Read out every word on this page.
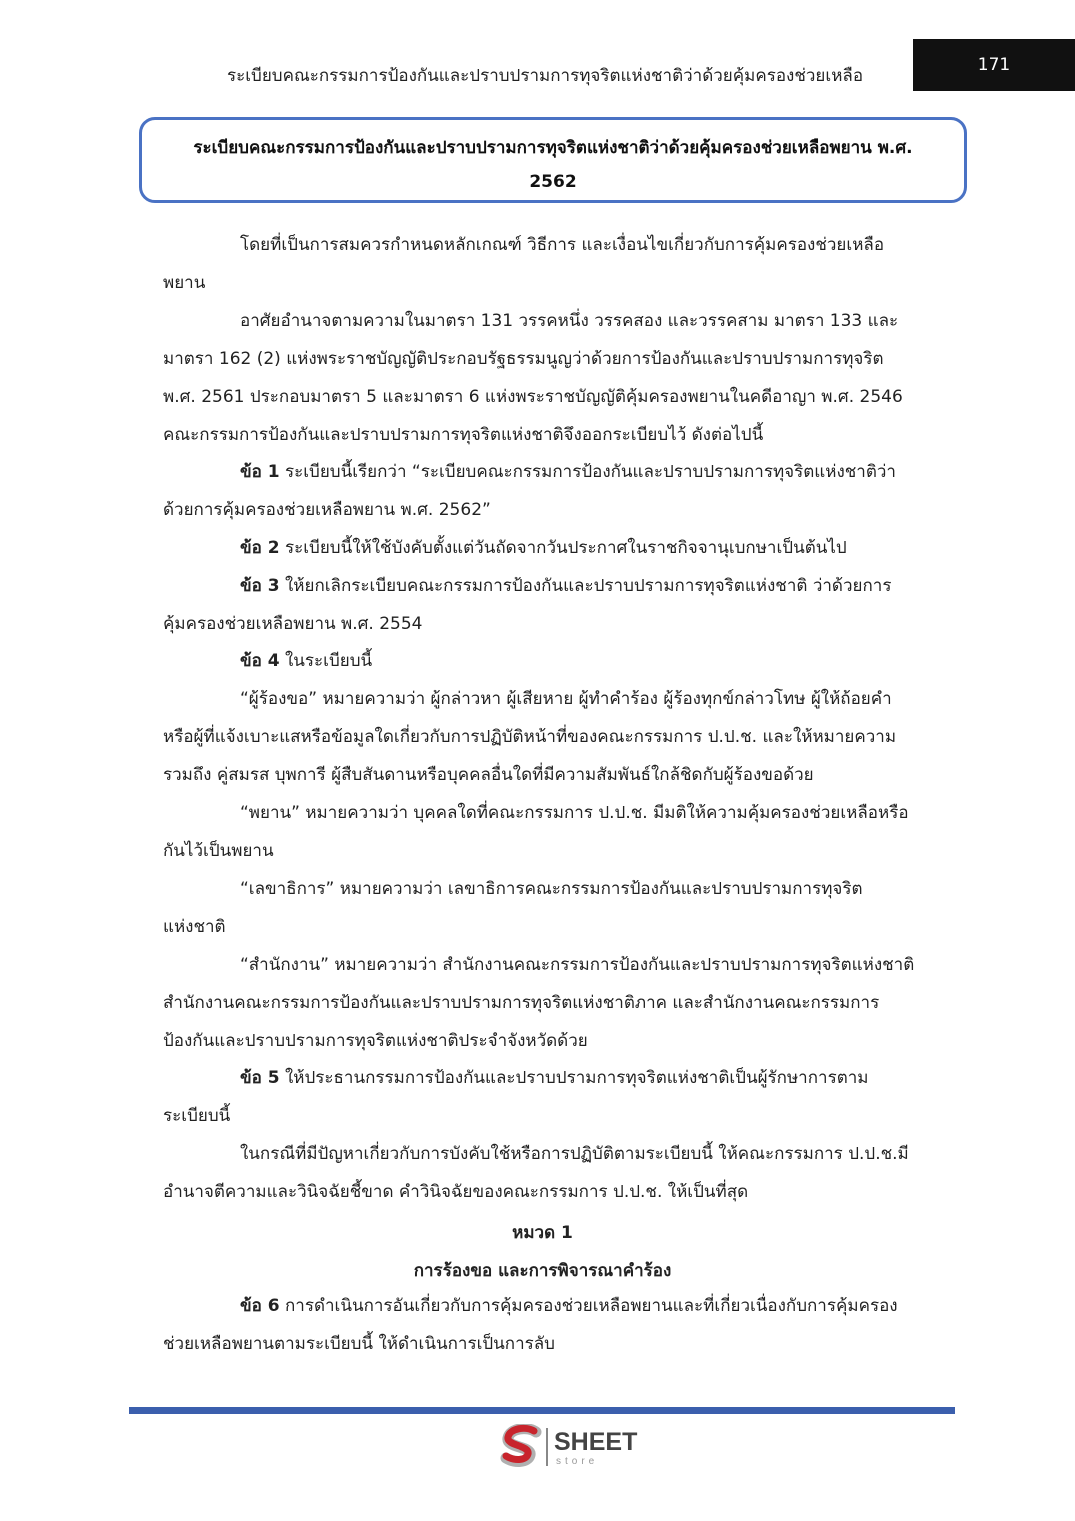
ระเบียบคณะกรรมการป้องกันและปราบปรามการทุจริตแห่งชาติว่าด้วยคุ้มครองช่วยเหลือ
171
ระเบียบคณะกรรมการป้องกันและปราบปรามการทุจริตแห่งชาติว่าด้วยคุ้มครองช่วยเหลือพยาน พ.ศ.
2562
โดยที่เป็นการสมควรกำหนดหลักเกณฑ์ วิธีการ และเงื่อนไขเกี่ยวกับการคุ้มครองช่วยเหลือ
พยาน
อาศัยอำนาจตามความในมาตรา 131 วรรคหนึ่ง วรรคสอง และวรรคสาม มาตรา 133 และ
มาตรา 162 (2) แห่งพระราชบัญญัติประกอบรัฐธรรมนูญว่าด้วยการป้องกันและปราบปรามการทุจริต
พ.ศ. 2561 ประกอบมาตรา 5 และมาตรา 6 แห่งพระราชบัญญัติคุ้มครองพยานในคดีอาญา พ.ศ. 2546
คณะกรรมการป้องกันและปราบปรามการทุจริตแห่งชาติจึงออกระเบียบไว้ ดังต่อไปนี้
ข้อ 1 ระเบียบนี้เรียกว่า “ระเบียบคณะกรรมการป้องกันและปราบปรามการทุจริตแห่งชาติว่า
ด้วยการคุ้มครองช่วยเหลือพยาน พ.ศ. 2562”
ข้อ 2 ระเบียบนี้ให้ใช้บังคับตั้งแต่วันถัดจากวันประกาศในราชกิจจานุเบกษาเป็นต้นไป
ข้อ 3 ให้ยกเลิกระเบียบคณะกรรมการป้องกันและปราบปรามการทุจริตแห่งชาติ ว่าด้วยการ
คุ้มครองช่วยเหลือพยาน พ.ศ. 2554
ข้อ 4 ในระเบียบนี้
“ผู้ร้องขอ” หมายความว่า ผู้กล่าวหา ผู้เสียหาย ผู้ทำคำร้อง ผู้ร้องทุกข์กล่าวโทษ ผู้ให้ถ้อยคำ
หรือผู้ที่แจ้งเบาะแสหรือข้อมูลใดเกี่ยวกับการปฏิบัติหน้าที่ของคณะกรรมการ ป.ป.ช. และให้หมายความ
รวมถึง คู่สมรส บุพการี ผู้สืบสันดานหรือบุคคลอื่นใดที่มีความสัมพันธ์ใกล้ชิดกับผู้ร้องขอด้วย
“พยาน” หมายความว่า บุคคลใดที่คณะกรรมการ ป.ป.ช. มีมติให้ความคุ้มครองช่วยเหลือหรือ
กันไว้เป็นพยาน
“เลขาธิการ” หมายความว่า เลขาธิการคณะกรรมการป้องกันและปราบปรามการทุจริต
แห่งชาติ
“สำนักงาน” หมายความว่า สำนักงานคณะกรรมการป้องกันและปราบปรามการทุจริตแห่งชาติ
สำนักงานคณะกรรมการป้องกันและปราบปรามการทุจริตแห่งชาติภาค และสำนักงานคณะกรรมการ
ป้องกันและปราบปรามการทุจริตแห่งชาติประจำจังหวัดด้วย
ข้อ 5 ให้ประธานกรรมการป้องกันและปราบปรามการทุจริตแห่งชาติเป็นผู้รักษาการตาม
ระเบียบนี้
ในกรณีที่มีปัญหาเกี่ยวกับการบังคับใช้หรือการปฏิบัติตามระเบียบนี้ ให้คณะกรรมการ ป.ป.ช.มี
อำนาจตีความและวินิจฉัยชี้ขาด คำวินิจฉัยของคณะกรรมการ ป.ป.ช. ให้เป็นที่สุด
หมวด 1
การร้องขอ และการพิจารณาคำร้อง
ข้อ 6 การดำเนินการอันเกี่ยวกับการคุ้มครองช่วยเหลือพยานและที่เกี่ยวเนื่องกับการคุ้มครอง
ช่วยเหลือพยานตามระเบียบนี้ ให้ดำเนินการเป็นการลับ
SHEET
store
